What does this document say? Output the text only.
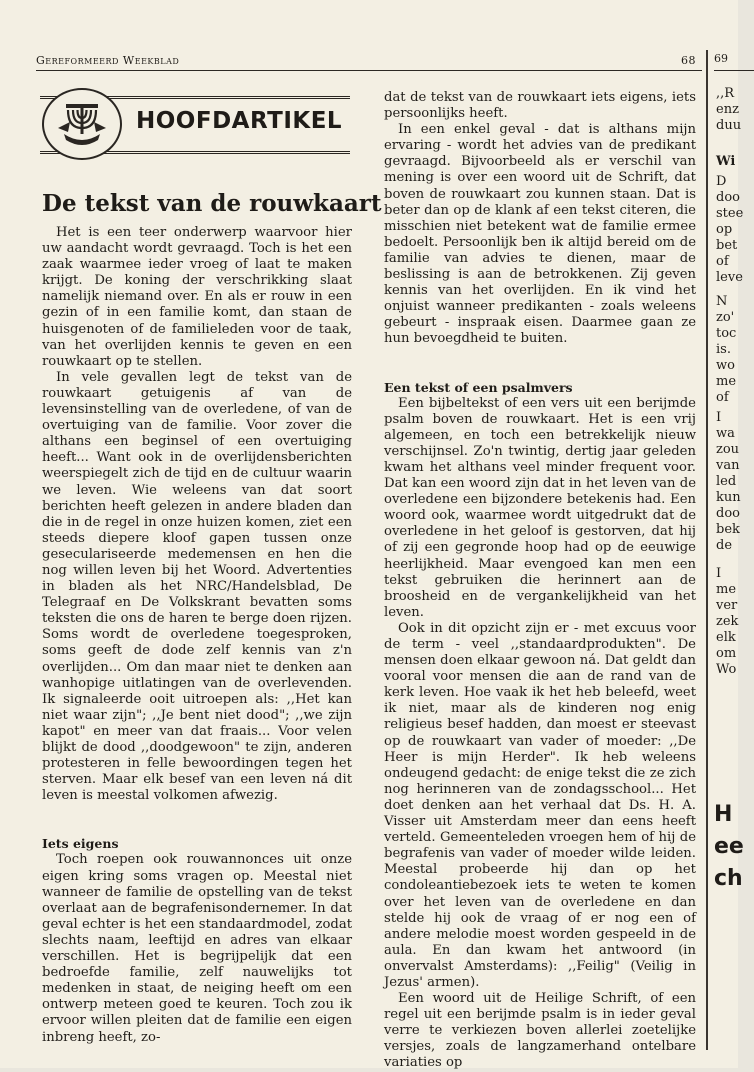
Gereformeerd Weekblad	68
HOOFDARTIKEL
De tekst van de rouwkaart

Het is een teer onderwerp waarvoor hier uw aandacht wordt gevraagd. Toch is het een zaak waarmee ieder vroeg of laat te maken krijgt. De koning der verschrikking slaat namelijk niemand over. En als er rouw in een gezin of in een familie komt, dan staan de huisgenoten of de familieleden voor de taak, van het overlijden kennis te geven en een rouwkaart op te stellen.

In vele gevallen legt de tekst van de rouwkaart getuigenis af van de levensinstelling van de overledene, of van de overtuiging van de familie. Voor zover die althans een beginsel of een overtuiging heeft... Want ook in de overlijdensberichten weerspiegelt zich de tijd en de cultuur waarin we leven. Wie weleens van dat soort berichten heeft gelezen in andere bladen dan die in de regel in onze huizen komen, ziet een steeds diepere kloof gapen tussen onze geseculariseerde medemensen en hen die nog willen leven bij het Woord. Advertenties in bladen als het NRC/Handelsblad, De Telegraaf en De Volkskrant bevatten soms teksten die ons de haren te berge doen rijzen. Soms wordt de overledene toegesproken, soms geeft de dode zelf kennis van z'n overlijden... Om dan maar niet te denken aan wanhopige uitlatingen van de overlevenden. Ik signaleerde ooit uitroepen als: ,,Het kan niet waar zijn"; ,,Je bent niet dood"; ,,we zijn kapot" en meer van dat fraais... Voor velen blijkt de dood ,,doodgewoon" te zijn, anderen protesteren in felle bewoordingen tegen het sterven. Maar elk besef van een leven ná dit leven is meestal volkomen afwezig.

Iets eigens

Toch roepen ook rouwannonces uit onze eigen kring soms vragen op. Meestal niet wanneer de familie de opstelling van de tekst overlaat aan de begrafenisondernemer. In dat geval echter is het een standaardmodel, zodat slechts naam, leeftijd en adres van elkaar verschillen. Het is begrijpelijk dat een bedroefde familie, zelf nauwelijks tot medenken in staat, de neiging heeft om een ontwerp meteen goed te keuren. Toch zou ik ervoor willen pleiten dat de familie een eigen inbreng heeft, zo-

dat de tekst van de rouwkaart iets eigens, iets persoonlijks heeft.

In een enkel geval - dat is althans mijn ervaring - wordt het advies van de predikant gevraagd. Bijvoorbeeld als er verschil van mening is over een woord uit de Schrift, dat boven de rouwkaart zou kunnen staan. Dat is beter dan op de klank af een tekst citeren, die misschien niet betekent wat de familie ermee bedoelt. Persoonlijk ben ik altijd bereid om de familie van advies te dienen, maar de beslissing is aan de betrokkenen. Zij geven kennis van het overlijden. En ik vind het onjuist wanneer predikanten - zoals weleens gebeurt - inspraak eisen. Daarmee gaan ze hun bevoegdheid te buiten.

Een tekst of een psalmvers

Een bijbeltekst of een vers uit een berijmde psalm boven de rouwkaart. Het is een vrij algemeen, en toch een betrekkelijk nieuw verschijnsel. Zo'n twintig, dertig jaar geleden kwam het althans veel minder frequent voor. Dat kan een woord zijn dat in het leven van de overledene een bijzondere betekenis had. Een woord ook, waarmee wordt uitgedrukt dat de overledene in het geloof is gestorven, dat hij of zij een gegronde hoop had op de eeuwige heerlijkheid. Maar evengoed kan men een tekst gebruiken die herinnert aan de broosheid en de vergankelijkheid van het leven.

Ook in dit opzicht zijn er - met excuus voor de term - veel ,,standaardprodukten". De mensen doen elkaar gewoon ná. Dat geldt dan vooral voor mensen die aan de rand van de kerk leven. Hoe vaak ik het heb beleefd, weet ik niet, maar als de kinderen nog enig religieus besef hadden, dan moest er steevast op de rouwkaart van vader of moeder: ,,De Heer is mijn Herder". Ik heb weleens ondeugend gedacht: de enige tekst die ze zich nog herinneren van de zondagsschool... Het doet denken aan het verhaal dat Ds. H. A. Visser uit Amsterdam meer dan eens heeft verteld. Gemeenteleden vroegen hem of hij de begrafenis van vader of moeder wilde leiden. Meestal probeerde hij dan op het condoleantiebezoek iets te weten te komen over het leven van de overledene en dan stelde hij ook de vraag of er nog een of andere melodie moest worden gespeeld in de aula. En dan kwam het antwoord (in onvervalst Amsterdams): ,,Feilig" (Veilig in Jezus' armen).

Een woord uit de Heilige Schrift, of een regel uit een berijmde psalm is in ieder geval verre te verkiezen boven allerlei zoetelijke versjes, zoals de langzamerhand ontelbare variaties op

69
,,R
enz
duu
Wi
D
doo
stee
op
bet
of
leve
N
zo'
toc
is.
wo
me
of
I
wa
zou
van
led
kun
doo
bek
de
I
me
ver
zek
elk
om
Wo
H
ee
ch
